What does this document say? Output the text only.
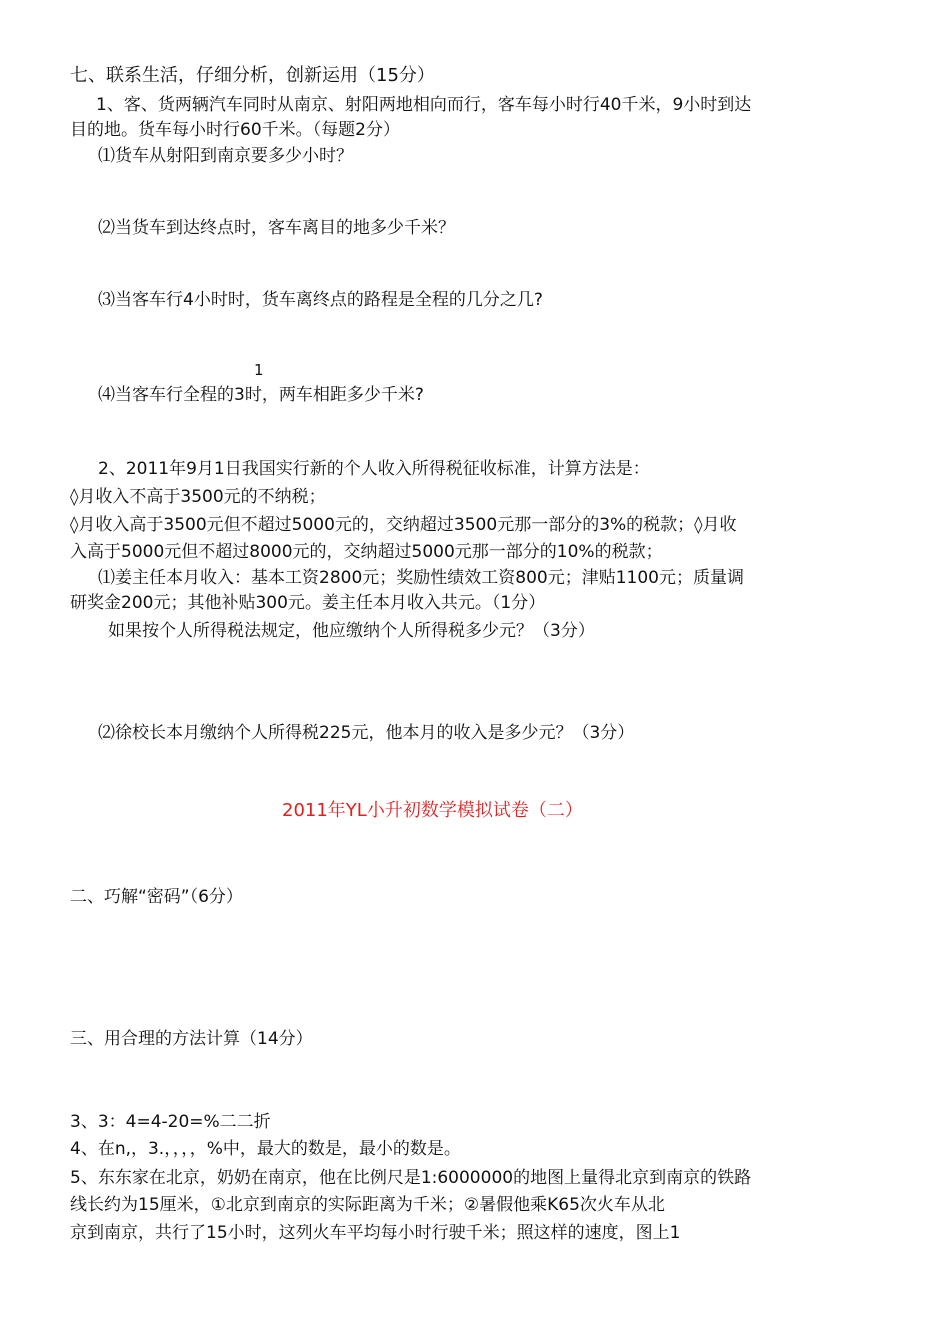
七、联系生活，仔细分析，创新运用（15分）
1、客、货两辆汽车同时从南京、射阳两地相向而行，客车每小时行40千米，9小时到达
目的地。货车每小时行60千米。（每题2分）
⑴货车从射阳到南京要多少小时？
⑵当货车到达终点时，客车离目的地多少千米？
⑶当客车行4小时时，货车离终点的路程是全程的几分之几?
1
⑷当客车行全程的3时，两车相距多少千米?
2、2011年9月1日我国实行新的个人收入所得税征收标准，计算方法是：
◊月收入不高于3500元的不纳税；
◊月收入高于3500元但不超过5000元的，交纳超过3500元那一部分的3%的税款；◊月收
入高于5000元但不超过8000元的，交纳超过5000元那一部分的10%的税款；
⑴姜主任本月收入：基本工资2800元；奖励性绩效工资800元；津贴1100元；质量调
研奖金200元；其他补贴300元。姜主任本月收入共元。（1分）
如果按个人所得税法规定，他应缴纳个人所得税多少元？（3分）
⑵徐校长本月缴纳个人所得税225元，他本月的收入是多少元？（3分）
2011年YL小升初数学模拟试卷（二）
二、巧解“密码”（6分）
三、用合理的方法计算（14分）
3、3：4=4-20=%二二折
4、在n,，3.，，，，%中，最大的数是，最小的数是。
5、东东家在北京，奶奶在南京，他在比例尺是1:6000000的地图上量得北京到南京的铁路
线长约为15厘米，①北京到南京的实际距离为千米；②暑假他乘K65次火车从北
京到南京，共行了15小时，这列火车平均每小时行驶千米；照这样的速度，图上1
